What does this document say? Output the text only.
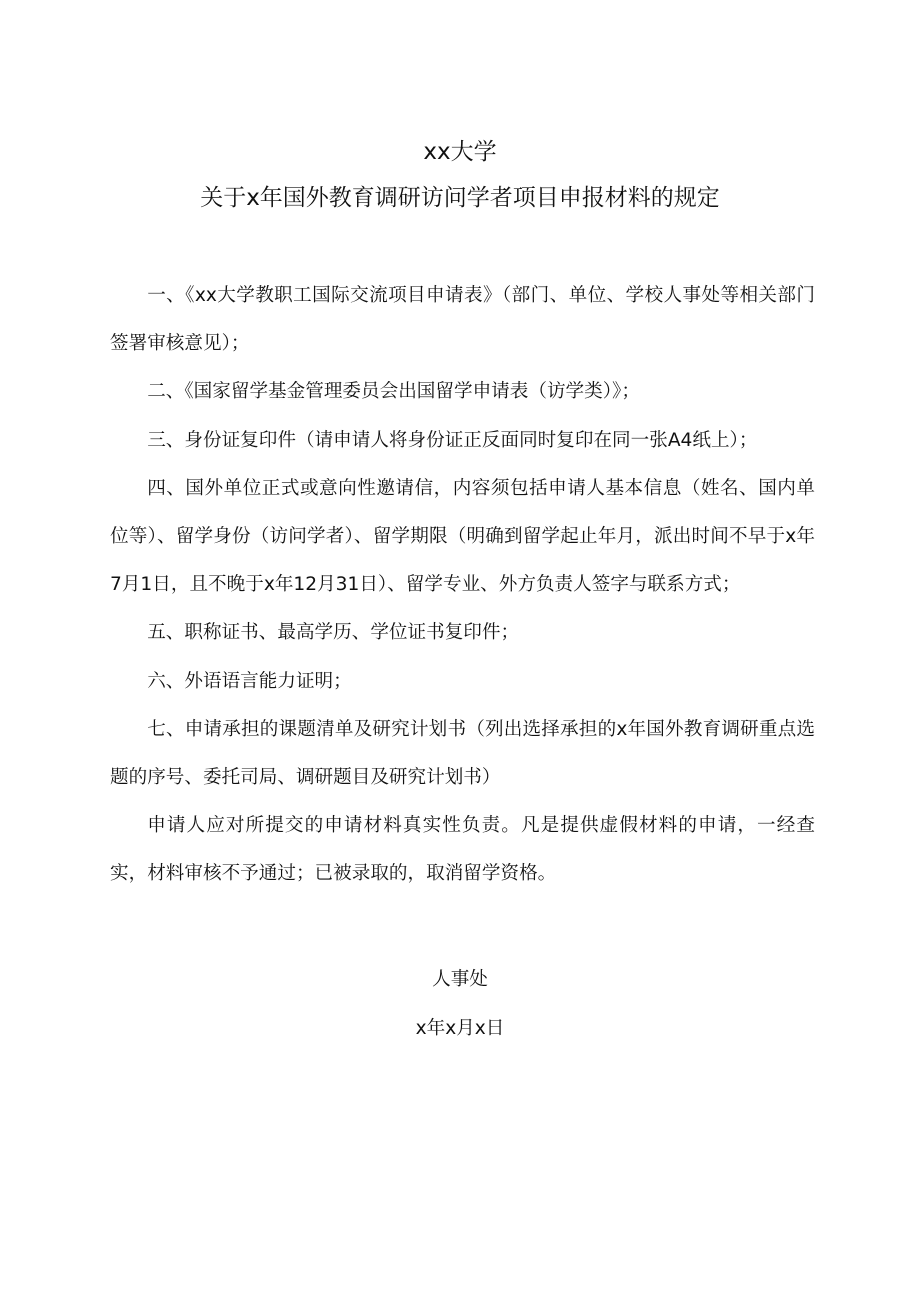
xx大学
关于x年国外教育调研访问学者项目申报材料的规定

一、《xx大学教职工国际交流项目申请表》（部门、单位、学校人事处等相关部门签署审核意见）；

二、《国家留学基金管理委员会出国留学申请表（访学类）》；

三、身份证复印件（请申请人将身份证正反面同时复印在同一张A4纸上）；

四、国外单位正式或意向性邀请信，内容须包括申请人基本信息（姓名、国内单位等）、留学身份（访问学者）、留学期限（明确到留学起止年月，派出时间不早于x年7月1日，且不晚于x年12月31日）、留学专业、外方负责人签字与联系方式；

五、职称证书、最高学历、学位证书复印件；

六、外语语言能力证明；

七、申请承担的课题清单及研究计划书（列出选择承担的x年国外教育调研重点选题的序号、委托司局、调研题目及研究计划书）

申请人应对所提交的申请材料真实性负责。凡是提供虚假材料的申请，一经查实，材料审核不予通过；已被录取的，取消留学资格。

人事处
x年x月x日
